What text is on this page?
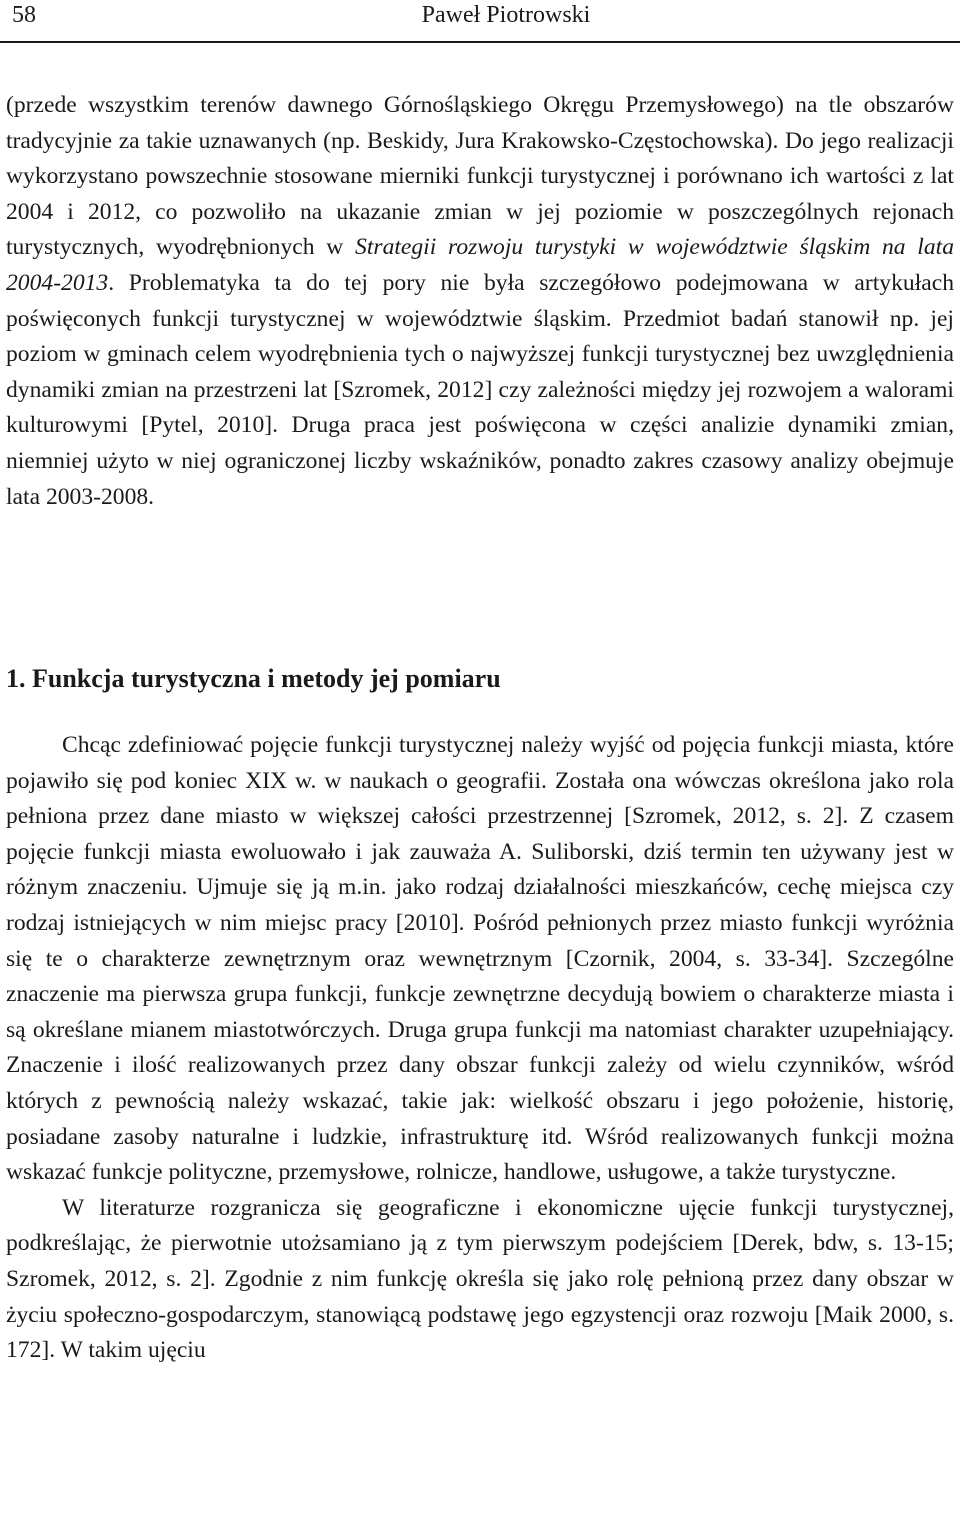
58	Paweł Piotrowski

(przede wszystkim terenów dawnego Górnośląskiego Okręgu Przemysłowego) na tle obszarów tradycyjnie za takie uznawanych (np. Beskidy, Jura Krakowsko-Częstochowska). Do jego realizacji wykorzystano powszechnie stosowane mierniki funkcji turystycznej i porównano ich wartości z lat 2004 i 2012, co pozwoliło na ukazanie zmian w jej poziomie w poszczególnych rejonach turystycznych, wyodrębnionych w Strategii rozwoju turystyki w województwie śląskim na lata 2004-2013. Problematyka ta do tej pory nie była szczegółowo podejmowana w artykułach poświęconych funkcji turystycznej w województwie śląskim. Przedmiot badań stanowił np. jej poziom w gminach celem wyodrębnienia tych o najwyższej funkcji turystycznej bez uwzględnienia dynamiki zmian na przestrzeni lat [Szromek, 2012] czy zależności między jej rozwojem a walorami kulturowymi [Pytel, 2010]. Druga praca jest poświęcona w części analizie dynamiki zmian, niemniej użyto w niej ograniczonej liczby wskaźników, ponadto zakres czasowy analizy obejmuje lata 2003-2008.

1. Funkcja turystyczna i metody jej pomiaru

Chcąc zdefiniować pojęcie funkcji turystycznej należy wyjść od pojęcia funkcji miasta, które pojawiło się pod koniec XIX w. w naukach o geografii. Została ona wówczas określona jako rola pełniona przez dane miasto w większej całości przestrzennej [Szromek, 2012, s. 2]. Z czasem pojęcie funkcji miasta ewoluowało i jak zauważa A. Suliborski, dziś termin ten używany jest w różnym znaczeniu. Ujmuje się ją m.in. jako rodzaj działalności mieszkańców, cechę miejsca czy rodzaj istniejących w nim miejsc pracy [2010]. Pośród pełnionych przez miasto funkcji wyróżnia się te o charakterze zewnętrznym oraz wewnętrznym [Czornik, 2004, s. 33-34]. Szczególne znaczenie ma pierwsza grupa funkcji, funkcje zewnętrzne decydują bowiem o charakterze miasta i są określane mianem miastotwórczych. Druga grupa funkcji ma natomiast charakter uzupełniający. Znaczenie i ilość realizowanych przez dany obszar funkcji zależy od wielu czynników, wśród których z pewnością należy wskazać, takie jak: wielkość obszaru i jego położenie, historię, posiadane zasoby naturalne i ludzkie, infrastrukturę itd. Wśród realizowanych funkcji można wskazać funkcje polityczne, przemysłowe, rolnicze, handlowe, usługowe, a także turystyczne.

W literaturze rozgranicza się geograficzne i ekonomiczne ujęcie funkcji turystycznej, podkreślając, że pierwotnie utożsamiano ją z tym pierwszym podejściem [Derek, bdw, s. 13-15; Szromek, 2012, s. 2]. Zgodnie z nim funkcję określa się jako rolę pełnioną przez dany obszar w życiu społeczno-gospodarczym, stanowiącą podstawę jego egzystencji oraz rozwoju [Maik 2000, s. 172]. W takim ujęciu
